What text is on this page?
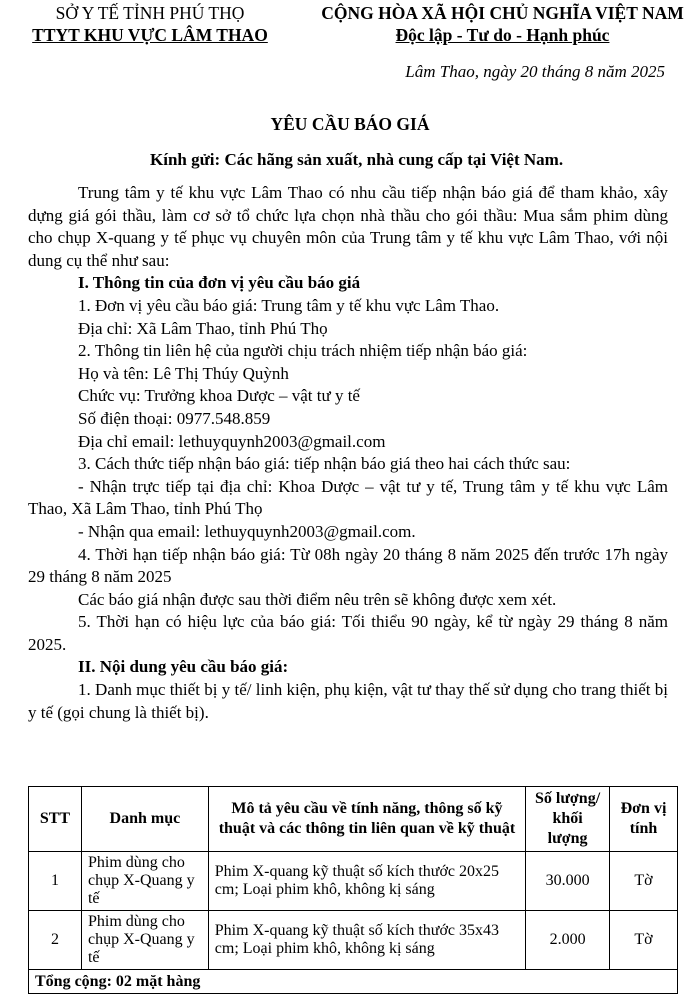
SỞ Y TẾ TỈNH PHÚ THỌ
TTYT KHU VỰC LÂM THAO
CỘNG HÒA XÃ HỘI CHỦ NGHĨA VIỆT NAM
Độc lập - Tư do - Hạnh phúc
Lâm Thao, ngày 20 tháng 8 năm 2025
YÊU CẦU BÁO GIÁ
Kính gửi: Các hãng sản xuất, nhà cung cấp tại Việt Nam.

Trung tâm y tế khu vực Lâm Thao có nhu cầu tiếp nhận báo giá để tham khảo, xây dựng giá gói thầu, làm cơ sở tổ chức lựa chọn nhà thầu cho gói thầu: Mua sắm phim dùng cho chụp X-quang y tế phục vụ chuyên môn của Trung tâm y tế khu vực Lâm Thao, với nội dung cụ thể như sau:

I. Thông tin của đơn vị yêu cầu báo giá

1. Đơn vị yêu cầu báo giá: Trung tâm y tế khu vực Lâm Thao.

Địa chỉ: Xã Lâm Thao, tỉnh Phú Thọ

2. Thông tin liên hệ của người chịu trách nhiệm tiếp nhận báo giá:

Họ và tên: Lê Thị Thúy Quỳnh

Chức vụ: Trưởng khoa Dược – vật tư y tế

Số điện thoại: 0977.548.859

Địa chỉ email: lethuyquynh2003@gmail.com

3. Cách thức tiếp nhận báo giá: tiếp nhận báo giá theo hai cách thức sau:

- Nhận trực tiếp tại địa chỉ: Khoa Dược – vật tư y tế, Trung tâm y tế khu vực Lâm Thao, Xã Lâm Thao, tỉnh Phú Thọ

- Nhận qua email: lethuyquynh2003@gmail.com.

4. Thời hạn tiếp nhận báo giá: Từ 08h ngày 20 tháng 8 năm 2025 đến trước 17h ngày 29 tháng 8 năm 2025

Các báo giá nhận được sau thời điểm nêu trên sẽ không được xem xét.

5. Thời hạn có hiệu lực của báo giá: Tối thiểu 90 ngày, kể từ ngày 29 tháng 8 năm 2025.

II. Nội dung yêu cầu báo giá:

1. Danh mục thiết bị y tế/ linh kiện, phụ kiện, vật tư thay thế sử dụng cho trang thiết bị y tế (gọi chung là thiết bị).

STT	Danh mục	Mô tả yêu cầu về tính năng, thông số kỹ thuật và các thông tin liên quan về kỹ thuật	Số lượng/ khối lượng	Đơn vị tính
1	Phim dùng cho chụp X-Quang y tế	Phim X-quang kỹ thuật số kích thước 20x25 cm; Loại phim khô, không kị sáng	30.000	Tờ
2	Phim dùng cho chụp X-Quang y tế	Phim X-quang kỹ thuật số kích thước 35x43 cm; Loại phim khô, không kị sáng	2.000	Tờ
Tổng cộng: 02 mặt hàng				
